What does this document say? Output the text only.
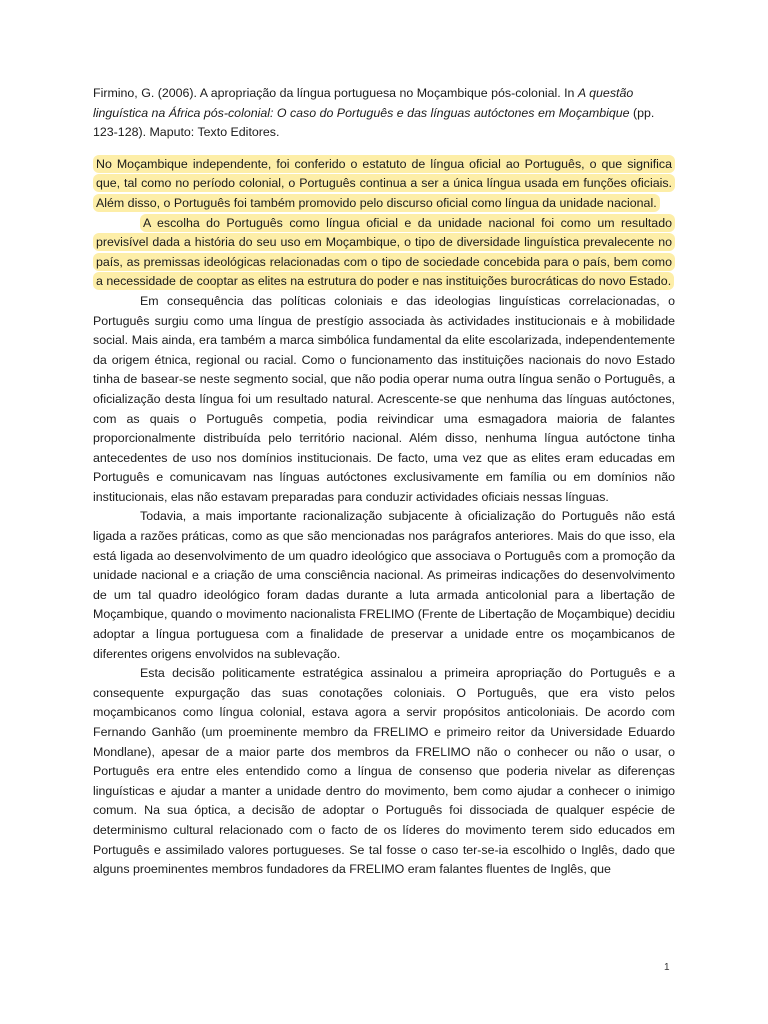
Firmino, G. (2006). A apropriação da língua portuguesa no Moçambique pós-colonial. In A questão linguística na África pós-colonial: O caso do Português e das línguas autóctones em Moçambique (pp. 123-128). Maputo: Texto Editores.

No Moçambique independente, foi conferido o estatuto de língua oficial ao Português, o que significa que, tal como no período colonial, o Português continua a ser a única língua usada em funções oficiais. Além disso, o Português foi também promovido pelo discurso oficial como língua da unidade nacional.

A escolha do Português como língua oficial e da unidade nacional foi como um resultado previsível dada a história do seu uso em Moçambique, o tipo de diversidade linguística prevalecente no país, as premissas ideológicas relacionadas com o tipo de sociedade concebida para o país, bem como a necessidade de cooptar as elites na estrutura do poder e nas instituições burocráticas do novo Estado.

Em consequência das políticas coloniais e das ideologias linguísticas correlacionadas, o Português surgiu como uma língua de prestígio associada às actividades institucionais e à mobilidade social. Mais ainda, era também a marca simbólica fundamental da elite escolarizada, independentemente da origem étnica, regional ou racial. Como o funcionamento das instituições nacionais do novo Estado tinha de basear-se neste segmento social, que não podia operar numa outra língua senão o Português, a oficialização desta língua foi um resultado natural. Acrescente-se que nenhuma das línguas autóctones, com as quais o Português competia, podia reivindicar uma esmagadora maioria de falantes proporcionalmente distribuída pelo território nacional. Além disso, nenhuma língua autóctone tinha antecedentes de uso nos domínios institucionais. De facto, uma vez que as elites eram educadas em Português e comunicavam nas línguas autóctones exclusivamente em família ou em domínios não institucionais, elas não estavam preparadas para conduzir actividades oficiais nessas línguas.

Todavia, a mais importante racionalização subjacente à oficialização do Português não está ligada a razões práticas, como as que são mencionadas nos parágrafos anteriores. Mais do que isso, ela está ligada ao desenvolvimento de um quadro ideológico que associava o Português com a promoção da unidade nacional e a criação de uma consciência nacional. As primeiras indicações do desenvolvimento de um tal quadro ideológico foram dadas durante a luta armada anticolonial para a libertação de Moçambique, quando o movimento nacionalista FRELIMO (Frente de Libertação de Moçambique) decidiu adoptar a língua portuguesa com a finalidade de preservar a unidade entre os moçambicanos de diferentes origens envolvidos na sublevação.

Esta decisão politicamente estratégica assinalou a primeira apropriação do Português e a consequente expurgação das suas conotações coloniais. O Português, que era visto pelos moçambicanos como língua colonial, estava agora a servir propósitos anticoloniais. De acordo com Fernando Ganhão (um proeminente membro da FRELIMO e primeiro reitor da Universidade Eduardo Mondlane), apesar de a maior parte dos membros da FRELIMO não o conhecer ou não o usar, o Português era entre eles entendido como a língua de consenso que poderia nivelar as diferenças linguísticas e ajudar a manter a unidade dentro do movimento, bem como ajudar a conhecer o inimigo comum. Na sua óptica, a decisão de adoptar o Português foi dissociada de qualquer espécie de determinismo cultural relacionado com o facto de os líderes do movimento terem sido educados em Português e assimilado valores portugueses. Se tal fosse o caso ter-se-ia escolhido o Inglês, dado que alguns proeminentes membros fundadores da FRELIMO eram falantes fluentes de Inglês, que

1
